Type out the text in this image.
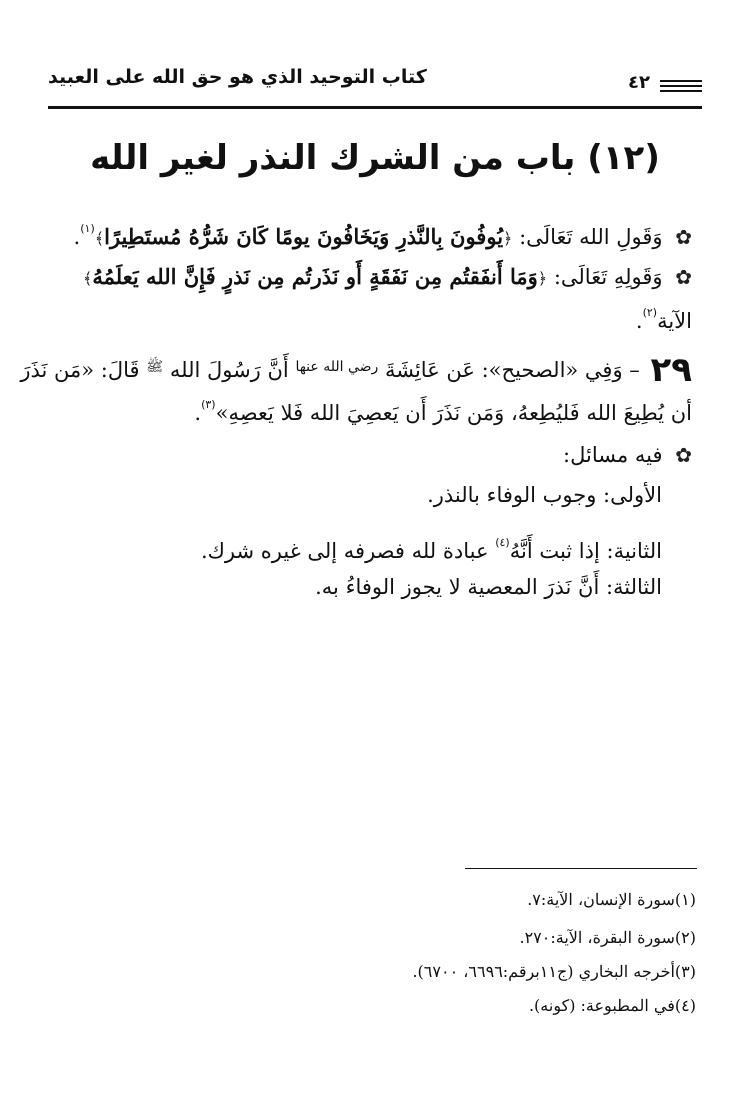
كتاب التوحيد الذي هو حق الله على العبيد	٤٢
(١٢) باب من الشرك النذر لغير الله
✿ وَقَولِ الله تَعَالَى: ﴿يُوفُونَ بِالنَّذرِ وَيَخَافُونَ يومًا كَانَ شَرُّهُ مُستَطِيرًا﴾$^{(١)}$.
✿ وَقَولِهِ تَعَالَى: ﴿وَمَا أَنفَقتُم مِن نَفَقَةٍ أَو نَذَرتُم مِن نَذرٍ فَإِنَّ الله يَعلَمُهُ﴾
الآية$^{(٢)}$.
٢٩ – وَفِي «الصحيح»: عَن عَائِشَةَ $^{رضي الله عنها}$ أَنَّ رَسُولَ الله $^ﷺ$ قَالَ: «مَن نَذَرَ
أن يُطِيعَ الله فَليُطِعهُ، وَمَن نَذَرَ أَن يَعصِيَ الله فَلا يَعصِهِ»$^{(٣)}$.
✿ فيه مسائل:
الأولى: وجوب الوفاء بالنذر.
الثانية: إذا ثبت أَنَّهُ$^{(٤)}$ عبادة لله فصرفه إلى غيره شرك.
الثالثة: أَنَّ نَذرَ المعصية لا يجوز الوفاءُ به.
(١)سورة الإنسان، الآية:٧.
(٢)سورة البقرة، الآية:٢٧٠.
(٣)أخرجه البخاري (ج١١برقم:٦٦٩٦، ٦٧٠٠).
(٤)في المطبوعة: (كونه).
